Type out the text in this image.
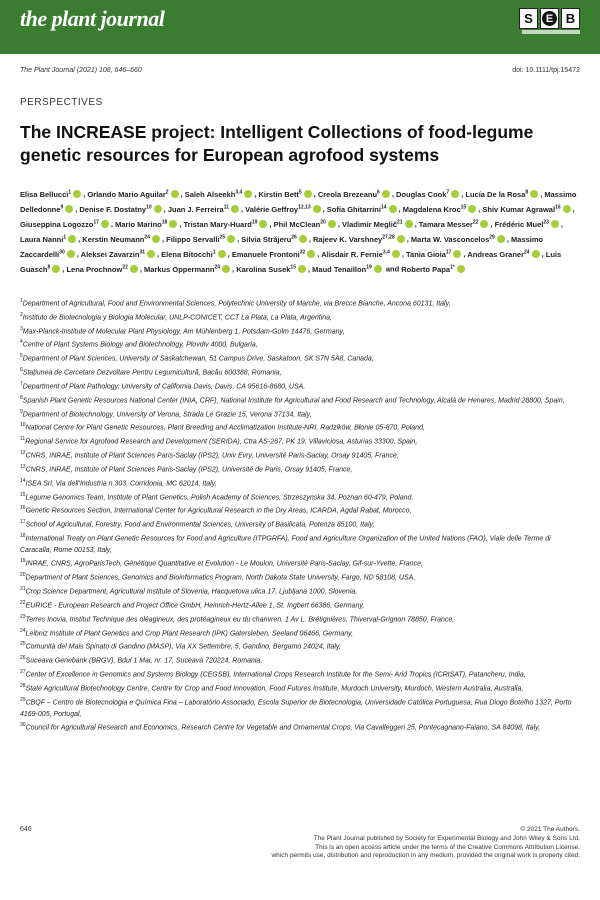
the plant journal	S	E B
The Plant Journal (2021) 108, 646–660	doi: 10.1111/tpj.15472
PERSPECTIVES
The INCREASE project: Intelligent Collections of food-legume genetic resources for European agrofood systems
Elisa Bellucci$^1$ , Orlando Mario Aguilar$^2$ , Saleh Alseekh$^{3,4}$ , Kirstin Bett$^5$ , Creola Brezeanu$^6$ , Douglas Cook$^7$ , Lucía De la Rosa$^8$ , Massimo Delledonne$^9$ , Denise F. Dostatny$^{10}$ , Juan J. Ferreira$^{11}$ , Valérie Geffroy$^{12,13}$ , Sofia Ghitarrini$^{14}$ , Magdalena Kroc$^{15}$ , Shiv Kumar Agrawal$^{16}$ , Giuseppina Logozzo$^{17}$ , Mario Marino$^{18}$ , Tristan Mary-Huard$^{19}$ , Phil McClean$^{20}$ , Vladimir Meglič$^{21}$ , Tamara Messer$^{22}$ , Frédéric Muel$^{23}$ , Laura Nanni$^1$ , Kerstin Neumann$^{24}$ , Filippo Servalli$^{25}$ , Silvia Străjeru$^{26}$ , Rajeev K. Varshney$^{27,28}$ , Marta W. Vasconcelos$^{29}$ , Massimo Zaccardelli$^{30}$ , Aleksei Zavarzin$^{31}$ , Elena Bitocchi$^1$ , Emanuele Frontoni$^{32}$ , Alisdair R. Fernie$^{3,4}$ , Tania Gioia$^{17}$ , Andreas Graner$^{24}$ , Luis Guasch$^8$ , Lena Prochnow$^{22}$ , Markus Oppermann$^{24}$ , Karolina Susek$^{15}$ , Maud Tenaillon$^{19}$ and Roberto Papa$^{1*}$
$^1$Department of Agricultural, Food and Environmental Sciences, Polytechnic University of Marche, via Brecce Bianche, Ancona 60131, Italy,
$^2$Instituto de Biotecnologia y Biologia Molecular, UNLP-CONICET, CCT La Plata, La Plata, Argentina,
$^3$Max-Planck-Institute of Molecular Plant Physiology, Am Mühlenberg 1, Potsdam-Golm 14476, Germany,
$^4$Centre of Plant Systems Biology and Biotechnology, Plovdiv 4000, Bulgaria,
$^5$Department of Plant Sciences, University of Saskatchewan, 51 Campus Drive, Saskatoon, SK S7N 5A8, Canada,
$^6$Stațiunea de Cercetare Dezvoltare Pentru Legumicultură, Bacău 600388, Romania,
$^7$Department of Plant Pathology, University of California Davis, Davis, CA 95616-8680, USA,
$^8$Spanish Plant Genetic Resources National Center (INIA, CRF), National Institute for Agricultural and Food Research and Technology, Alcalá de Henares, Madrid 28800, Spain,
$^9$Department of Biotechnology, University of Verona, Strada Le Grazie 15, Verona 37134, Italy,
$^{10}$National Centre for Plant Genetic Resources, Plant Breeding and Acclimatization Institute-NRI, Radzików, Błonie 05-870, Poland,
$^{11}$Regional Service for Agrofood Research and Development (SERIDA), Ctra AS-267, PK 19, Villaviciosa, Asturias 33300, Spain,
$^{12}$CNRS, INRAE, Institute of Plant Sciences Paris-Saclay (IPS2), Univ Evry, Université Paris-Saclay, Orsay 91405, France,
$^{13}$CNRS, INRAE, Institute of Plant Sciences Paris-Saclay (IPS2), Université de Paris, Orsay 91405, France,
$^{14}$ISEA Srl, Via dell'Industria n.303, Corridonia, MC 62014, Italy,
$^{15}$Legume Genomics Team, Institute of Plant Genetics, Polish Academy of Sciences, Strzeszynska 34, Poznan 60-479, Poland,
$^{16}$Genetic Resources Section, International Center for Agricultural Research in the Dry Areas, ICARDA, Agdal Rabat, Morocco,
$^{17}$School of Agricultural, Forestry, Food and Environmental Sciences, University of Basilicata, Potenza 85100, Italy,
$^{18}$International Treaty on Plant Genetic Resources for Food and Agriculture (ITPGRFA), Food and Agriculture Organization of the United Nations (FAO), Viale delle Terme di Caracalla, Rome 00153, Italy,
$^{19}$INRAE, CNRS, AgroParisTech, Génétique Quantitative et Evolution - Le Moulon, Université Paris-Saclay, Gif-sur-Yvette, France,
$^{20}$Department of Plant Sciences, Genomics and Bioinformatics Program, North Dakota State University, Fargo, ND 58108, USA,
$^{21}$Crop Science Department, Agricultural Institute of Slovenia, Hacquetova ulica 17, Ljubljana 1000, Slovenia,
$^{22}$EURICE - European Research and Project Office GmbH, Heinrich-Hertz-Allee 1, St. Ingbert 66386, Germany,
$^{23}$Terres Inovia, Institut Technique des oléagineux, des protéagineux eu du chanvren, 1 Av L. Brétignières, Thiverval-Grignon 78850, France,
$^{24}$Leibniz Institute of Plant Genetics and Crop Plant Research (IPK) Gatersleben, Seeland 06466, Germany,
$^{25}$Comunità del Mais Spinato di Gandino (MASP), Via XX Settembre, 5, Gandino, Bergamo 24024, Italy,
$^{26}$Suceava Genebank (BRGV), Bdul 1 Mai, nr. 17, Suceava 720224, Romania,
$^{27}$Center of Excellence in Genomics and Systems Biology (CEGSB), International Crops Research Institute for the Semi- Arid Tropics (ICRISAT), Patancheru, India,
$^{28}$State Agricultural Biotechnology Centre, Centre for Crop and Food Innovation, Food Futures Institute, Murdoch University, Murdoch, Western Australia, Australia,
$^{29}$CBQF – Centro de Biotecnologia e Química Fina – Laboratório Associado, Escola Superior de Biotecnologia, Universidade Católica Portuguesa, Rua Diogo Botelho 1327, Porto 4169-005, Portugal,
$^{30}$Council for Agricultural Research and Economics, Research Centre for Vegetable and Ornamental Crops, Via Cavalleggeri 25, Pontecagnano-Faiano, SA 84098, Italy,
646	© 2021 The Authors.
The Plant Journal published by Society for Experimental Biology and John Wiley & Sons Ltd.
This is an open access article under the terms of the Creative Commons Attribution License,
which permits use, distribution and reproduction in any medium, provided the original work is properly cited.
